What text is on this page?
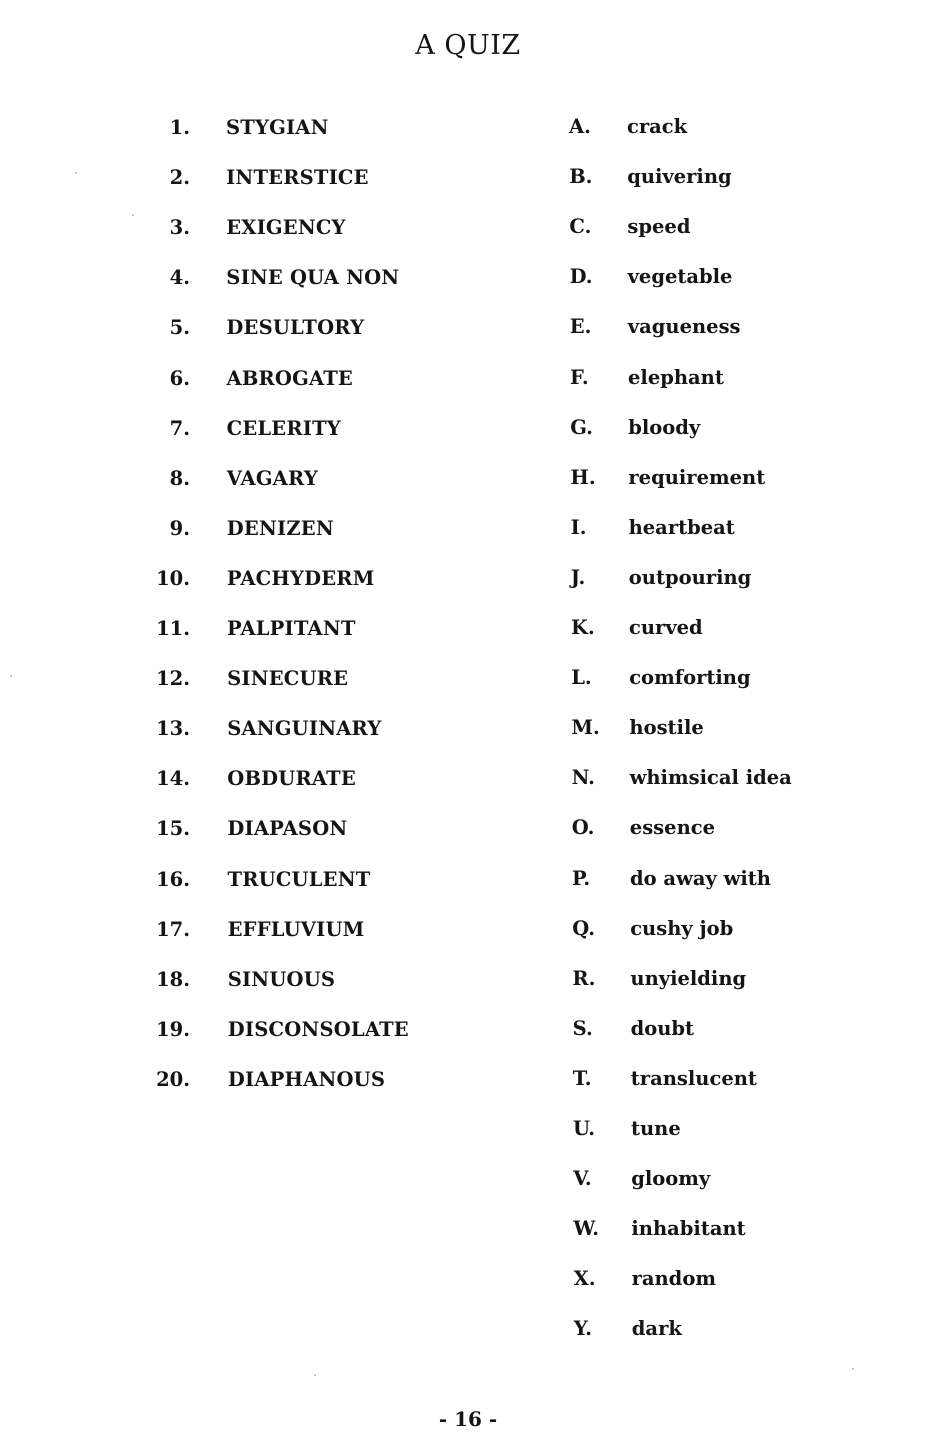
A QUIZ
1. STYGIAN
2. INTERSTICE
3. EXIGENCY
4. SINE QUA NON
5. DESULTORY
6. ABROGATE
7. CELERITY
8. VAGARY
9. DENIZEN
10. PACHYDERM
11. PALPITANT
12. SINECURE
13. SANGUINARY
14. OBDURATE
15. DIAPASON
16. TRUCULENT
17. EFFLUVIUM
18. SINUOUS
19. DISCONSOLATE
20. DIAPHANOUS
A. crack
B. quivering
C. speed
D. vegetable
E. vagueness
F. elephant
G. bloody
H. requirement
I. heartbeat
J. outpouring
K. curved
L. comforting
M. hostile
N. whimsical idea
O. essence
P. do away with
Q. cushy job
R. unyielding
S. doubt
T. translucent
U. tune
V. gloomy
W. inhabitant
X. random
Y. dark
- 16 -
